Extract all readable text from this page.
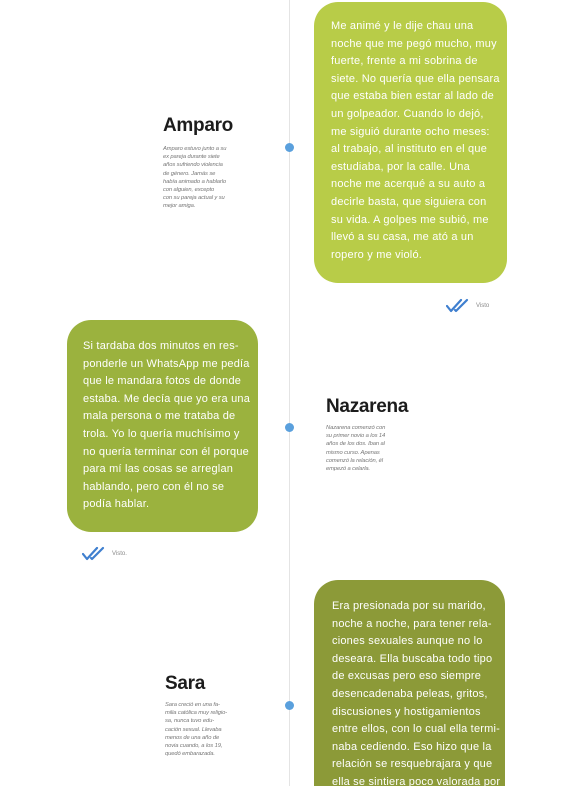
Amparo
Amparo estuvo junto a su
ex pareja durante siete
años sufriendo violencia
de género. Jamás se
había animado a hablarlo
con alguien, excepto
con su pareja actual y su
mejor amiga.

Me animé y le dije chau una

noche que me pegó mucho, muy

fuerte, frente a mi sobrina de

siete. No quería que ella pensara

que estaba bien estar al lado de

un golpeador. Cuando lo dejó,

me siguió durante ocho meses:

al trabajo, al instituto en el que

estudiaba, por la calle. Una

noche me acerqué a su auto a

decirle basta, que siguiera con

su vida. A golpes me subió, me

llevó a su casa, me ató a un

ropero y me violó.

Visto

Si tardaba dos minutos en res-

ponderle un WhatsApp me pedía

que le mandara fotos de donde

estaba. Me decía que yo era una

mala persona o me trataba de

trola. Yo lo quería muchísimo y

no quería terminar con él porque

para mí las cosas se arreglan

hablando, pero con él no se

podía hablar.

Visto.
Nazarena
Nazarena comenzó con
su primer novio a los 14
años de los dos. Iban al
mismo curso. Apenas
comenzó la relación, él
empezó a celarla.
Sara
Sara creció en una fa-
milia católica muy religio-
sa, nunca tuvo edu-
cación sexual. Llevaba
menos de una año de
novia cuando, a los 19,
quedó embarazada.

Era presionada por su marido,

noche a noche, para tener rela-

ciones sexuales aunque no lo

deseara. Ella buscaba todo tipo

de excusas pero eso siempre

desencadenaba peleas, gritos,

discusiones y hostigamientos

entre ellos, con lo cual ella termi-

naba cediendo. Eso hizo que la

relación se resquebrajara y que

ella se sintiera poco valorada por
